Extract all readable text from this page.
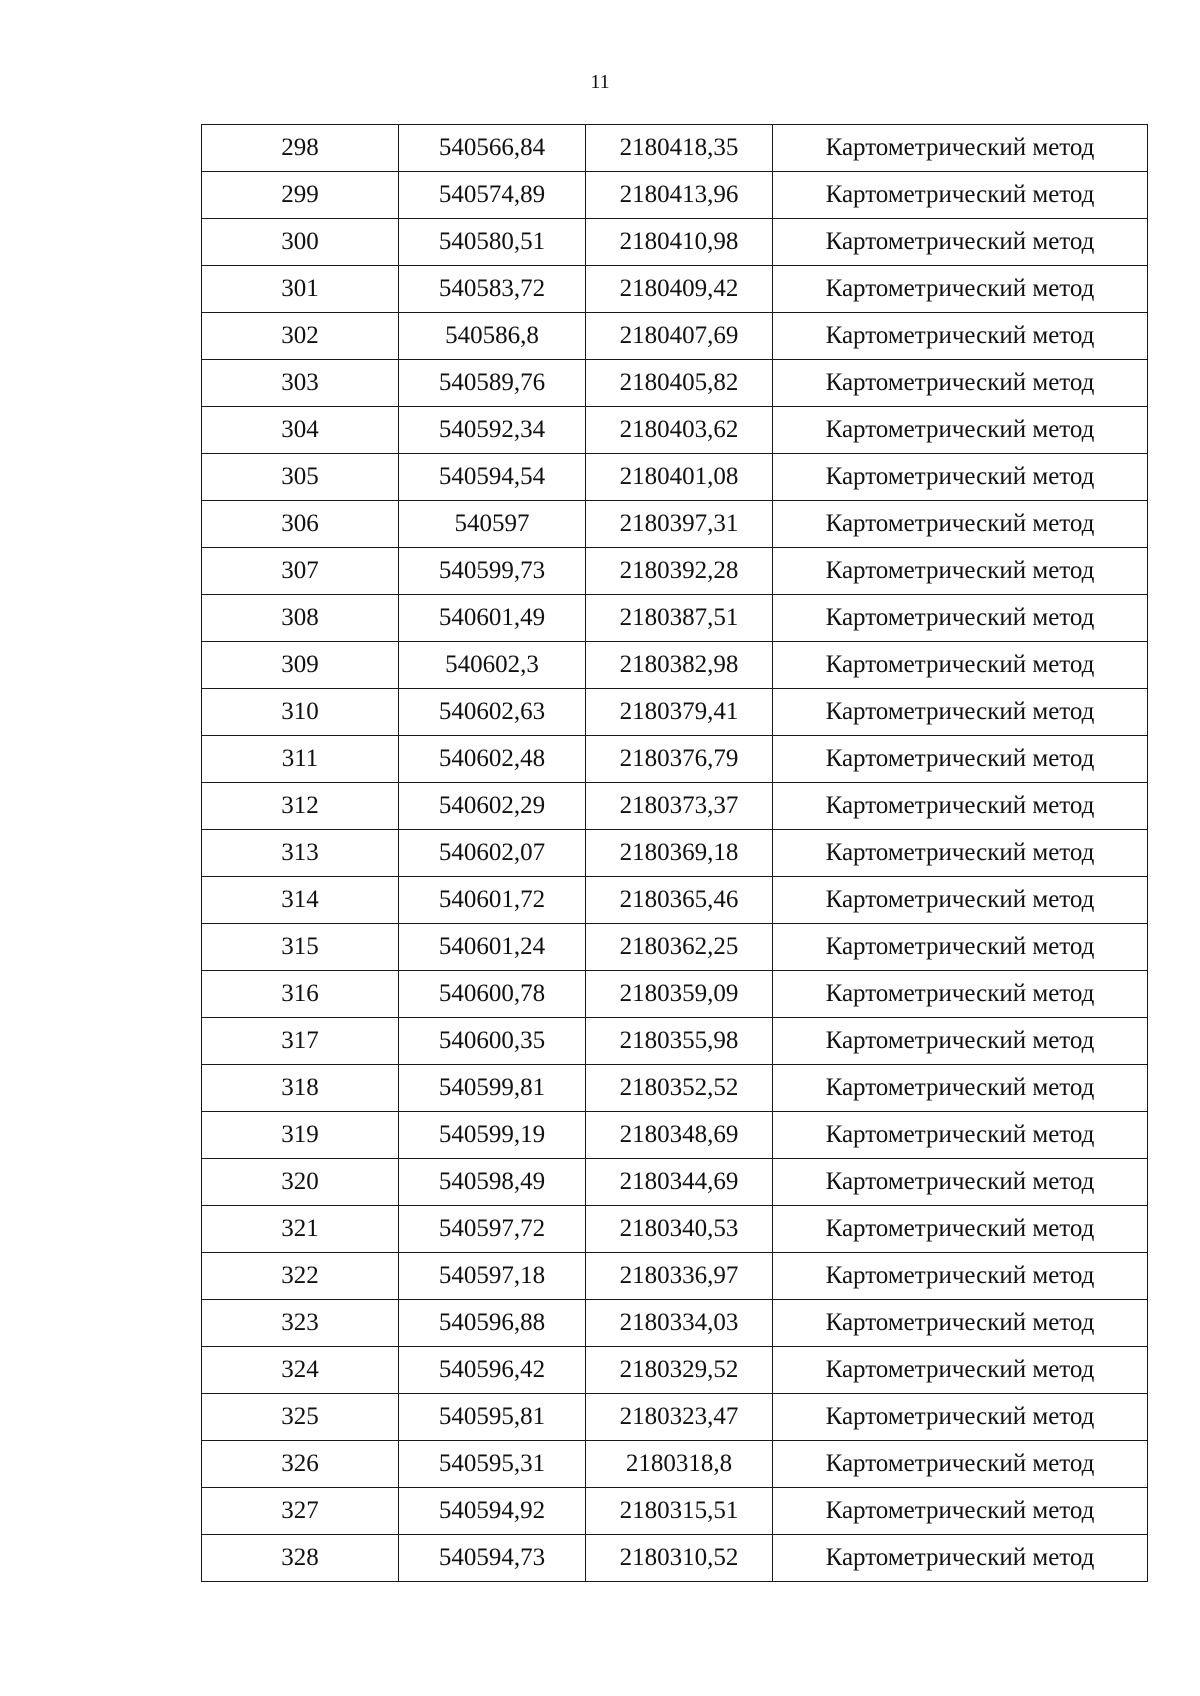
11
298	540566,84	2180418,35	Картометрический метод
299	540574,89	2180413,96	Картометрический метод
300	540580,51	2180410,98	Картометрический метод
301	540583,72	2180409,42	Картометрический метод
302	540586,8	2180407,69	Картометрический метод
303	540589,76	2180405,82	Картометрический метод
304	540592,34	2180403,62	Картометрический метод
305	540594,54	2180401,08	Картометрический метод
306	540597	2180397,31	Картометрический метод
307	540599,73	2180392,28	Картометрический метод
308	540601,49	2180387,51	Картометрический метод
309	540602,3	2180382,98	Картометрический метод
310	540602,63	2180379,41	Картометрический метод
311	540602,48	2180376,79	Картометрический метод
312	540602,29	2180373,37	Картометрический метод
313	540602,07	2180369,18	Картометрический метод
314	540601,72	2180365,46	Картометрический метод
315	540601,24	2180362,25	Картометрический метод
316	540600,78	2180359,09	Картометрический метод
317	540600,35	2180355,98	Картометрический метод
318	540599,81	2180352,52	Картометрический метод
319	540599,19	2180348,69	Картометрический метод
320	540598,49	2180344,69	Картометрический метод
321	540597,72	2180340,53	Картометрический метод
322	540597,18	2180336,97	Картометрический метод
323	540596,88	2180334,03	Картометрический метод
324	540596,42	2180329,52	Картометрический метод
325	540595,81	2180323,47	Картометрический метод
326	540595,31	2180318,8	Картометрический метод
327	540594,92	2180315,51	Картометрический метод
328	540594,73	2180310,52	Картометрический метод
